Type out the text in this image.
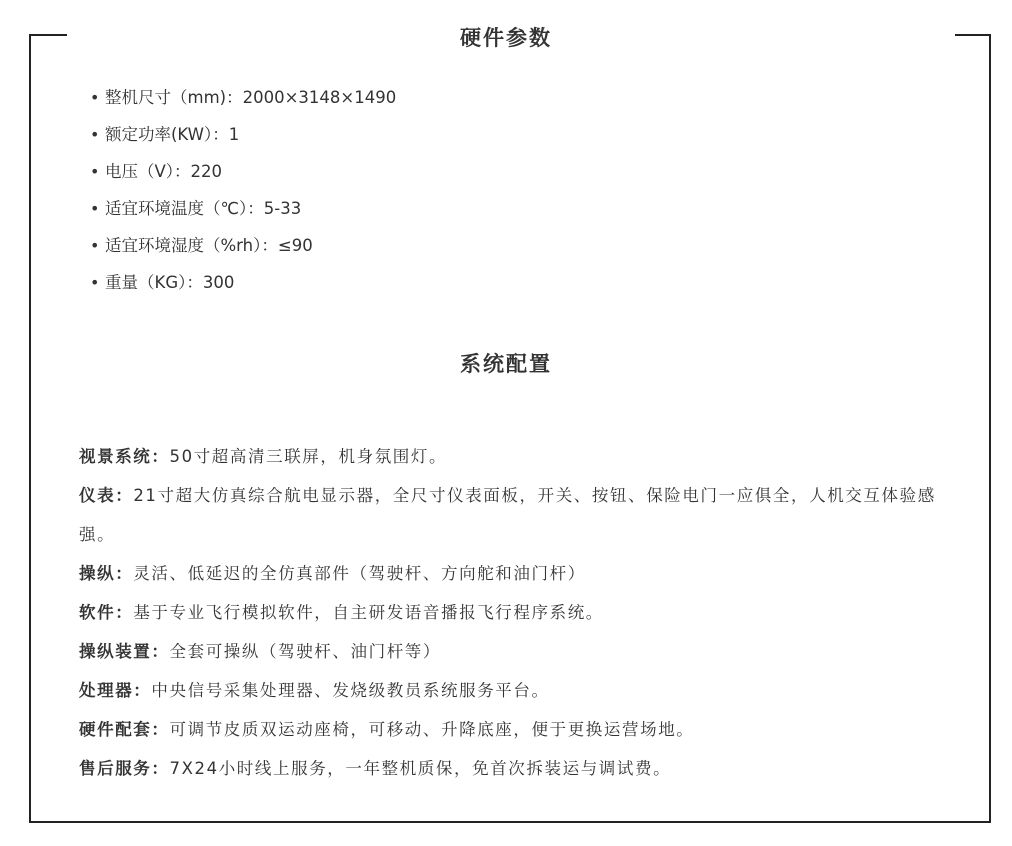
硬件参数
• 整机尺寸（mm)：2000×3148×1490
• 额定功率(KW）：1
• 电压（V）：220
• 适宜环境温度（℃）：5-33
• 适宜环境湿度（%rh）：≤90
• 重量（KG）：300
系统配置
视景系统：50寸超高清三联屏，机身氛围灯。
仪表：21寸超大仿真综合航电显示器，全尺寸仪表面板，开关、按钮、保险电门一应俱全，人机交互体验感强。
操纵：灵活、低延迟的全仿真部件（驾驶杆、方向舵和油门杆）
软件：基于专业飞行模拟软件，自主研发语音播报飞行程序系统。
操纵装置：全套可操纵（驾驶杆、油门杆等）
处理器：中央信号采集处理器、发烧级教员系统服务平台。
硬件配套：可调节皮质双运动座椅，可移动、升降底座，便于更换运营场地。
售后服务：7X24小时线上服务，一年整机质保，免首次拆装运与调试费。
